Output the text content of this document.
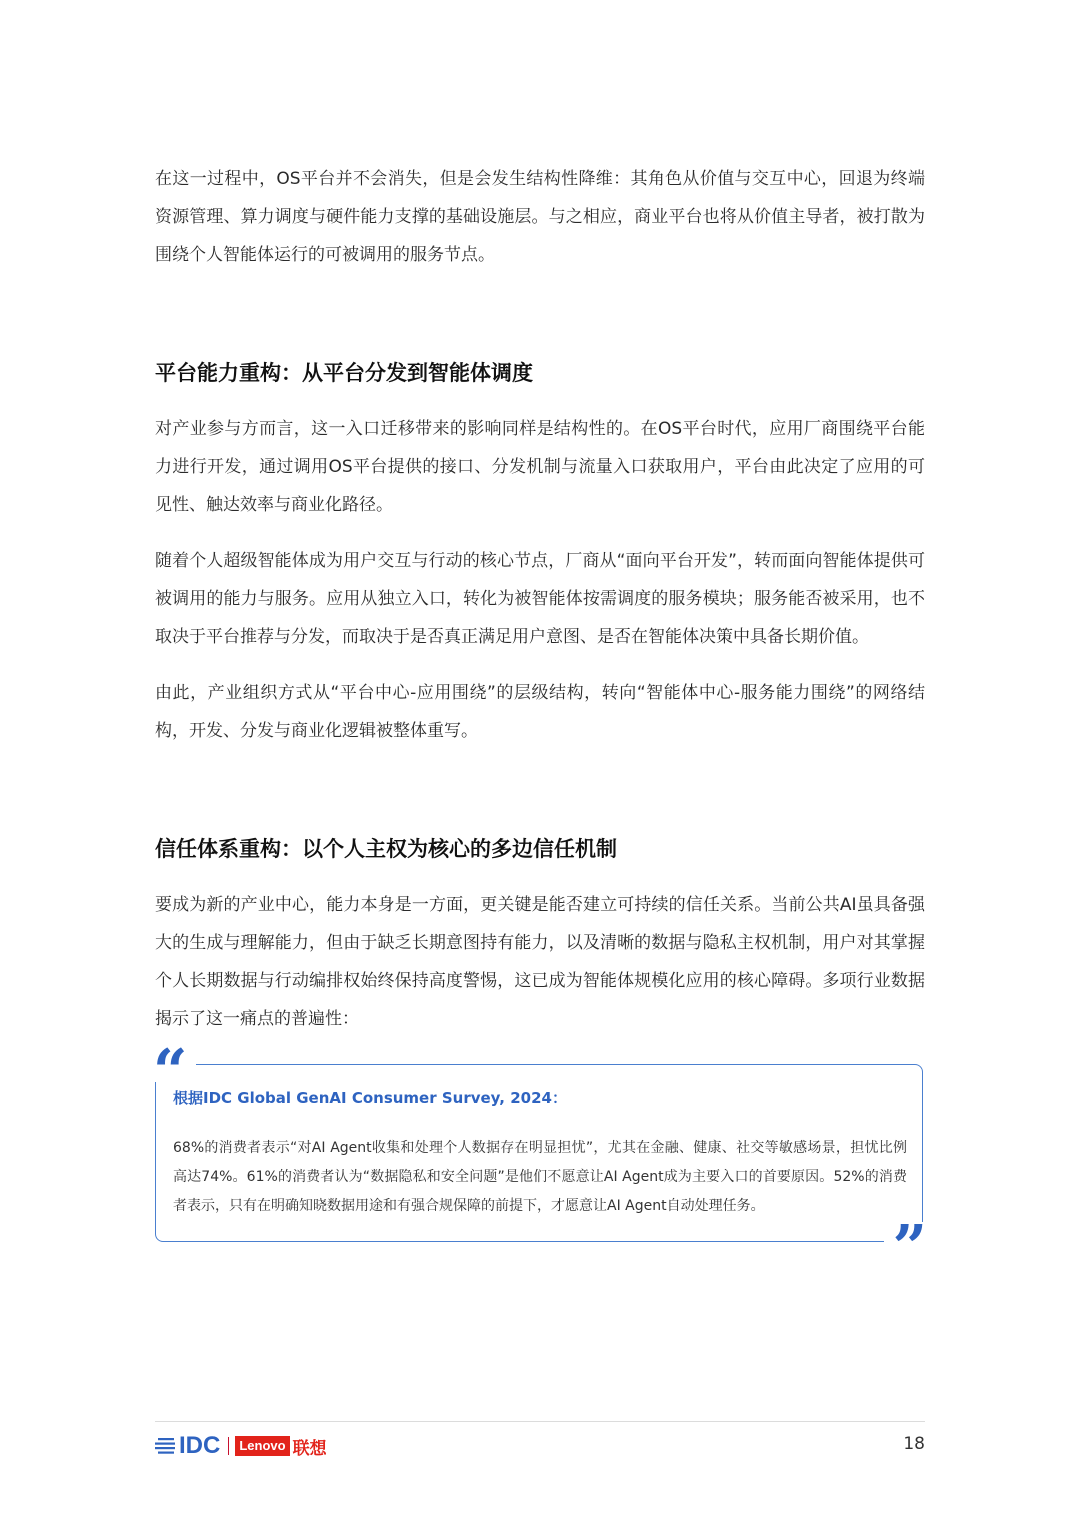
在这一过程中，OS平台并不会消失，但是会发生结构性降维：其角色从价值与交互中心，回退为终端资源管理、算力调度与硬件能力支撑的基础设施层。与之相应，商业平台也将从价值主导者，被打散为围绕个人智能体运行的可被调用的服务节点。

平台能力重构：从平台分发到智能体调度

对产业参与方而言，这一入口迁移带来的影响同样是结构性的。在OS平台时代，应用厂商围绕平台能力进行开发，通过调用OS平台提供的接口、分发机制与流量入口获取用户，平台由此决定了应用的可见性、触达效率与商业化路径。

随着个人超级智能体成为用户交互与行动的核心节点，厂商从“面向平台开发”，转而面向智能体提供可被调用的能力与服务。应用从独立入口，转化为被智能体按需调度的服务模块；服务能否被采用，也不取决于平台推荐与分发，而取决于是否真正满足用户意图、是否在智能体决策中具备长期价值。

由此，产业组织方式从“平台中心-应用围绕”的层级结构，转向“智能体中心-服务能力围绕”的网络结构，开发、分发与商业化逻辑被整体重写。

信任体系重构：以个人主权为核心的多边信任机制

要成为新的产业中心，能力本身是一方面，更关键是能否建立可持续的信任关系。当前公共AI虽具备强大的生成与理解能力，但由于缺乏长期意图持有能力，以及清晰的数据与隐私主权机制，用户对其掌握个人长期数据与行动编排权始终保持高度警惕，这已成为智能体规模化应用的核心障碍。多项行业数据揭示了这一痛点的普遍性：

“
根据IDC Global GenAI Consumer Survey, 2024：

68%的消费者表示“对AI Agent收集和处理个人数据存在明显担忧”，尤其在金融、健康、社交等敏感场景，担忧比例高达74%。61%的消费者认为“数据隐私和安全问题”是他们不愿意让AI Agent成为主要入口的首要原因。52%的消费者表示，只有在明确知晓数据用途和有强合规保障的前提下，才愿意让AI Agent自动处理任务。

”
IDC	Lenovo 联想	18
